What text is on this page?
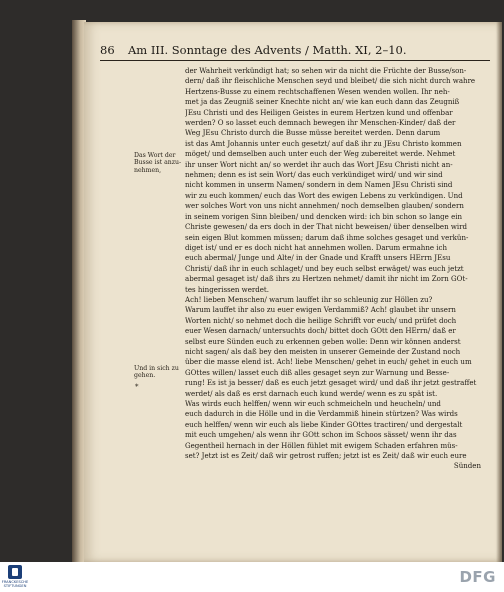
86 Am III. Sonntage des Advents / Matth. XI, 2–10.
Das Wort der
Busse ist anzu-
nehmen,
Und in sich zu
gehen.
*
der Wahrheit verkündigt hat; so sehen wir da nicht die Früchte der Busse/son-
dern/ daß ihr fleischliche Menschen seyd und bleibet/ die sich nicht durch wahre
Hertzens-Busse zu einem rechtschaffenen Wesen wenden wollen. Ihr neh-
met ja das Zeugniß seiner Knechte nicht an/ wie kan euch dann das Zeugniß
JEsu Christi und des Heiligen Geistes in eurem Hertzen kund und offenbar
werden? O so lasset euch demnach bewegen ihr Menschen-Kinder/ daß der
Weg JEsu Christo durch die Busse müsse bereitet werden. Denn darum
ist das Amt Johannis unter euch gesetzt/ auf daß ihr zu JEsu Christo kommen
möget/ und demselben auch unter euch der Weg zubereitet werde. Nehmet
ihr unser Wort nicht an/ so werdet ihr auch das Wort JEsu Christi nicht an-
nehmen; denn es ist sein Wort/ das euch verkündiget wird/ und wir sind
nicht kommen in unserm Namen/ sondern in dem Namen JEsu Christi sind
wir zu euch kommen/ euch das Wort des ewigen Lebens zu verkündigen. Und
wer solches Wort von uns nicht annehmen/ noch demselben glauben/ sondern
in seinem vorigen Sinn bleiben/ und dencken wird: ich bin schon so lange ein
Christe gewesen/ da ers doch in der That nicht beweisen/ über denselben wird
sein eigen Blut kommen müssen; darum daß ihme solches gesaget und verkün-
diget ist/ und er es doch nicht hat annehmen wollen. Darum ermahne ich
euch abermal/ Junge und Alte/ in der Gnade und Krafft unsers HErrn JEsu
Christi/ daß ihr in euch schlaget/ und bey euch selbst erwäget/ was euch jetzt
abermal gesaget ist/ daß ihrs zu Hertzen nehmet/ damit ihr nicht im Zorn GOt-
tes hingerissen werdet.
Ach! lieben Menschen/ warum lauffet ihr so schleunig zur Höllen zu?
Warum lauffet ihr also zu euer ewigen Verdammiß? Ach! glaubet ihr unsern
Worten nicht/ so nehmet doch die heilige Schrifft vor euch/ und prüfet doch
euer Wesen darnach/ untersuchts doch/ bittet doch GOtt den HErrn/ daß er
selbst eure Sünden euch zu erkennen geben wolle: Denn wir können anderst
nicht sagen/ als daß bey den meisten in unserer Gemeinde der Zustand noch
über die masse elend ist. Ach! liebe Menschen/ gehet in euch/ gehet in euch um
GOttes willen/ lasset euch diß alles gesaget seyn zur Warnung und Besse-
rung! Es ist ja besser/ daß es euch jetzt gesaget wird/ und daß ihr jetzt gestraffet
werdet/ als daß es erst darnach euch kund werde/ wenn es zu spät ist.
Was wirds euch helffen/ wenn wir euch schmeicheln und heucheln/ und
euch dadurch in die Hölle und in die Verdammiß hinein stürtzen? Was wirds
euch helffen/ wenn wir euch als liebe Kinder GOttes tractiren/ und dergestalt
mit euch umgehen/ als wenn ihr GOtt schon im Schoos sässet/ wenn ihr das
Gegentheil hernach in der Höllen fühlet mit ewigem Schaden erfahren müs-
set? Jetzt ist es Zeit/ daß wir getrost ruffen; jetzt ist es Zeit/ daß wir euch eure
Sünden
FRANCKESCHE STIFTUNGEN	DFG
